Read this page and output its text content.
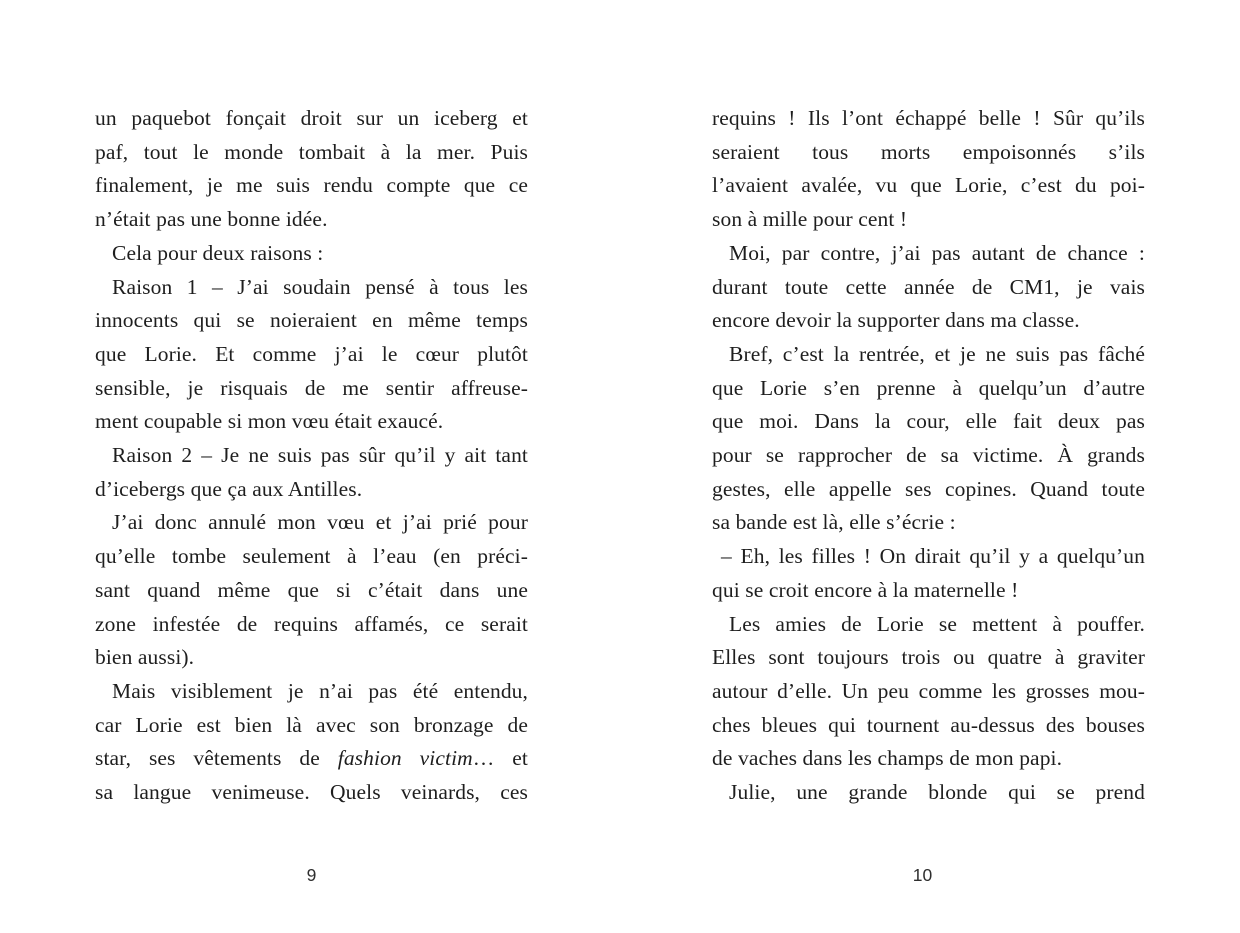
un paquebot fonçait droit sur un iceberg et
paf, tout le monde tombait à la mer. Puis
finalement, je me suis rendu compte que ce
n’était pas une bonne idée.
Cela pour deux raisons :
Raison 1 – J’ai soudain pensé à tous les
innocents qui se noieraient en même temps
que Lorie. Et comme j’ai le cœur plutôt
sensible, je risquais de me sentir affreuse-
ment coupable si mon vœu était exaucé.
Raison 2 – Je ne suis pas sûr qu’il y ait tant
d’icebergs que ça aux Antilles.
J’ai donc annulé mon vœu et j’ai prié pour
qu’elle tombe seulement à l’eau (en préci-
sant quand même que si c’était dans une
zone infestée de requins affamés, ce serait
bien aussi).
Mais visiblement je n’ai pas été entendu,
car Lorie est bien là avec son bronzage de
star, ses vêtements de fashion victim… et
sa langue venimeuse. Quels veinards, ces
9
requins ! Ils l’ont échappé belle ! Sûr qu’ils
seraient tous morts empoisonnés s’ils
l’avaient avalée, vu que Lorie, c’est du poi-
son à mille pour cent !
Moi, par contre, j’ai pas autant de chance :
durant toute cette année de CM1, je vais
encore devoir la supporter dans ma classe.
Bref, c’est la rentrée, et je ne suis pas fâché
que Lorie s’en prenne à quelqu’un d’autre
que moi. Dans la cour, elle fait deux pas
pour se rapprocher de sa victime. À grands
gestes, elle appelle ses copines. Quand toute
sa bande est là, elle s’écrie :
– Eh, les filles ! On dirait qu’il y a quelqu’un
qui se croit encore à la maternelle !
Les amies de Lorie se mettent à pouffer.
Elles sont toujours trois ou quatre à graviter
autour d’elle. Un peu comme les grosses mou-
ches bleues qui tournent au-dessus des bouses
de vaches dans les champs de mon papi.
Julie, une grande blonde qui se prend
10
